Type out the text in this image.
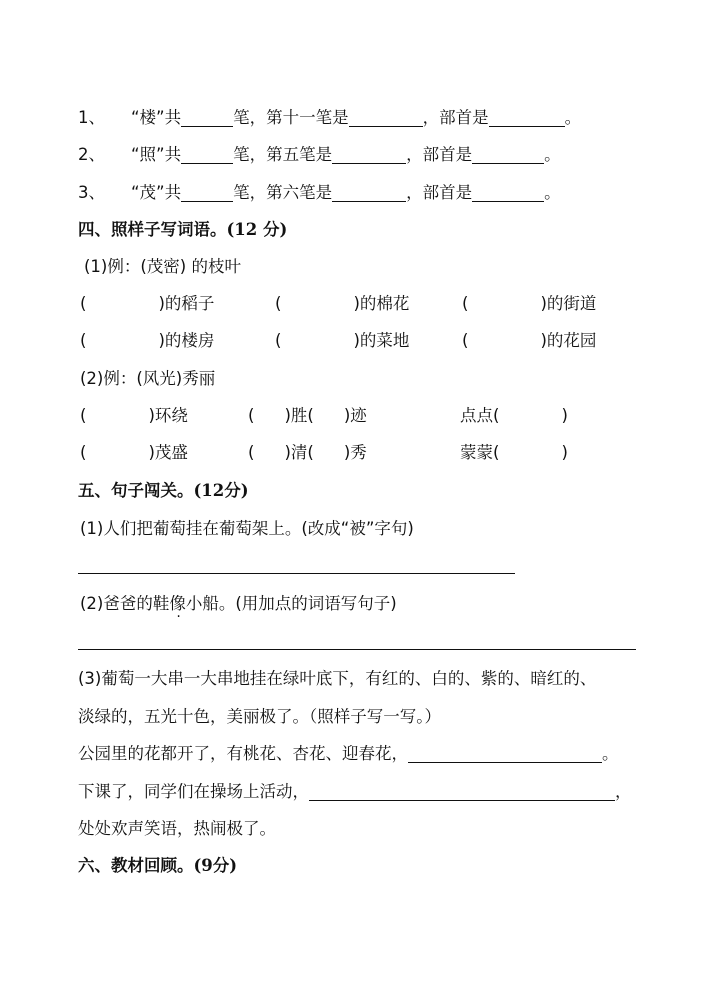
1、 “楼”共	笔，第十一笔是	，部首是	。
2、 “照”共	笔，第五笔是	，部首是	。
3、 “茂”共	笔，第六笔是	，部首是	。
四、照样子写词语。(12 分)
(1)例：(茂密) 的枝叶
(	)的稻子	(	)的棉花	(	)的街道
(	)的楼房	(	)的菜地	(	)的花园
(2)例：(风光)秀丽
(	)环绕	( )胜( )迹	点点(	)
(	)茂盛	( )清( )秀	蒙蒙(	)
五、句子闯关。(12分)
(1)人们把葡萄挂在葡萄架上。(改成“被”字句)
(2)爸爸的鞋像小船。(用加点的词语写句子)
(3)葡萄一大串一大串地挂在绿叶底下，有红的、白的、紫的、暗红的、
淡绿的，五光十色，美丽极了。（照样子写一写。）
公园里的花都开了，有桃花、杏花、迎春花，	。
下课了，同学们在操场上活动，	，
处处欢声笑语，热闹极了。
六、教材回顾。(9分)
